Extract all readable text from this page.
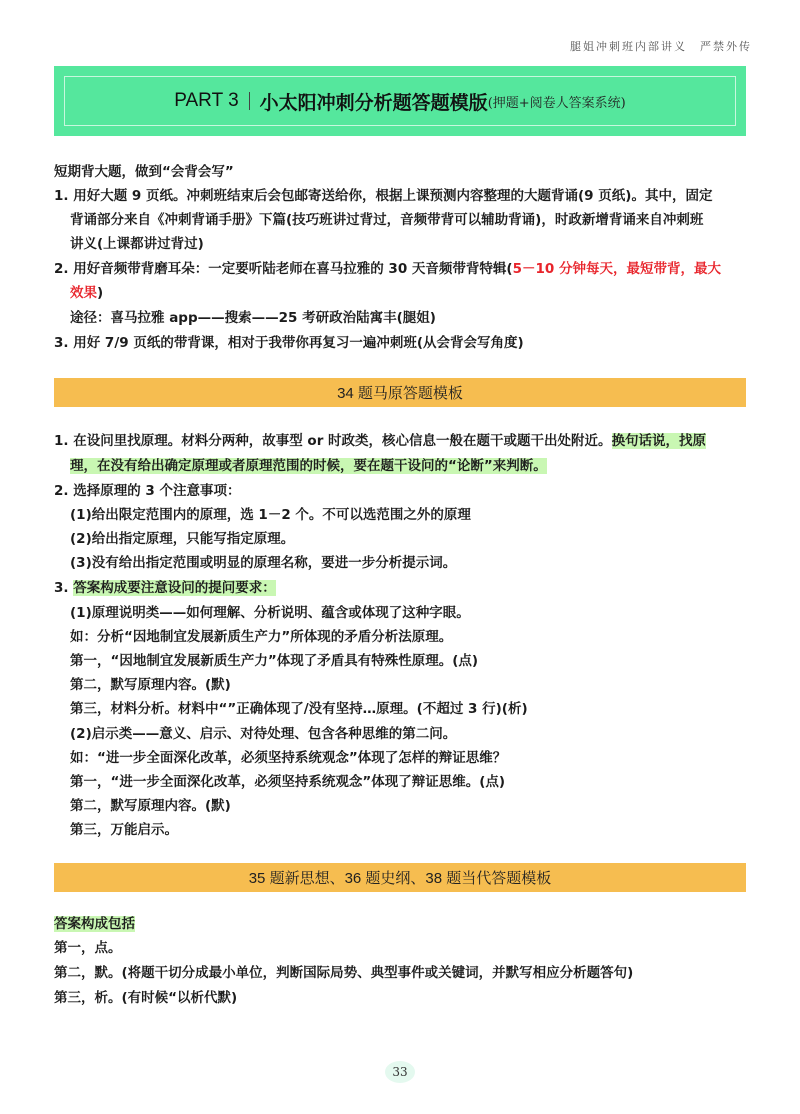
腿姐冲刺班内部讲义　严禁外传
PART 3 小太阳冲刺分析题答题模版 (押题+阅卷人答案系统)
短期背大题，做到“会背会写”
1. 用好大题 9 页纸。冲刺班结束后会包邮寄送给你，根据上课预测内容整理的大题背诵(9 页纸)。其中，固定
背诵部分来自《冲刺背诵手册》下篇(技巧班讲过背过，音频带背可以辅助背诵)，时政新增背诵来自冲刺班
讲义(上课都讲过背过)
2. 用好音频带背磨耳朵：一定要听陆老师在喜马拉雅的 30 天音频带背特辑(5－10 分钟每天，最短带背，最大
效果)
途径：喜马拉雅 app——搜索——25 考研政治陆寓丰(腿姐)
3. 用好 7/9 页纸的带背课，相对于我带你再复习一遍冲刺班(从会背会写角度)
34 题马原答题模板
1. 在设问里找原理。材料分两种，故事型 or 时政类，核心信息一般在题干或题干出处附近。换句话说，找原
理，在没有给出确定原理或者原理范围的时候，要在题干设问的“论断”来判断。
2. 选择原理的 3 个注意事项：
(1)给出限定范围内的原理，选 1－2 个。不可以选范围之外的原理
(2)给出指定原理，只能写指定原理。
(3)没有给出指定范围或明显的原理名称，要进一步分析提示词。
3. 答案构成要注意设问的提问要求：
(1)原理说明类——如何理解、分析说明、蕴含或体现了这种字眼。
如：分析“因地制宜发展新质生产力”所体现的矛盾分析法原理。
第一，“因地制宜发展新质生产力”体现了矛盾具有特殊性原理。(点)
第二，默写原理内容。(默)
第三，材料分析。材料中“”正确体现了/没有坚持…原理。(不超过 3 行)(析)
(2)启示类——意义、启示、对待处理、包含各种思维的第二问。
如：“进一步全面深化改革，必须坚持系统观念”体现了怎样的辩证思维？
第一，“进一步全面深化改革，必须坚持系统观念”体现了辩证思维。(点)
第二，默写原理内容。(默)
第三，万能启示。
35 题新思想、36 题史纲、38 题当代答题模板
答案构成包括
第一，点。
第二，默。(将题干切分成最小单位，判断国际局势、典型事件或关键词，并默写相应分析题答句)
第三，析。(有时候“以析代默)
33
